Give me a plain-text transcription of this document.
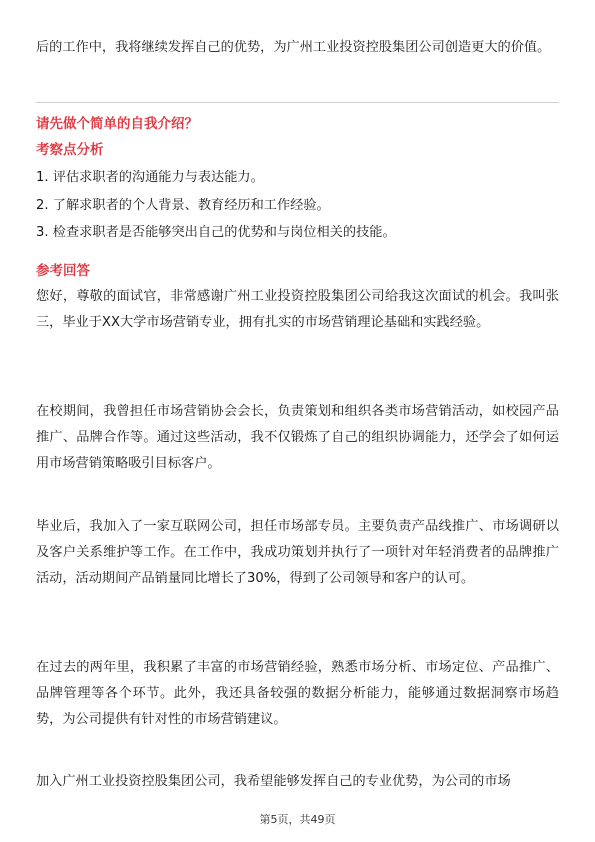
后的工作中，我将继续发挥自己的优势，为广州工业投资控股集团公司创造更大的价值。

请先做个简单的自我介绍？

考察点分析

1. 评估求职者的沟通能力与表达能力。

2. 了解求职者的个人背景、教育经历和工作经验。

3. 检查求职者是否能够突出自己的优势和与岗位相关的技能。

参考回答

您好，尊敬的面试官，非常感谢广州工业投资控股集团公司给我这次面试的机会。我叫张三，毕业于XX大学市场营销专业，拥有扎实的市场营销理论基础和实践经验。

在校期间，我曾担任市场营销协会会长，负责策划和组织各类市场营销活动，如校园产品推广、品牌合作等。通过这些活动，我不仅锻炼了自己的组织协调能力，还学会了如何运用市场营销策略吸引目标客户。

毕业后，我加入了一家互联网公司，担任市场部专员。主要负责产品线推广、市场调研以及客户关系维护等工作。在工作中，我成功策划并执行了一项针对年轻消费者的品牌推广活动，活动期间产品销量同比增长了30%，得到了公司领导和客户的认可。

在过去的两年里，我积累了丰富的市场营销经验，熟悉市场分析、市场定位、产品推广、品牌管理等各个环节。此外，我还具备较强的数据分析能力，能够通过数据洞察市场趋势，为公司提供有针对性的市场营销建议。

加入广州工业投资控股集团公司，我希望能够发挥自己的专业优势，为公司的市场

第5页，共49页
